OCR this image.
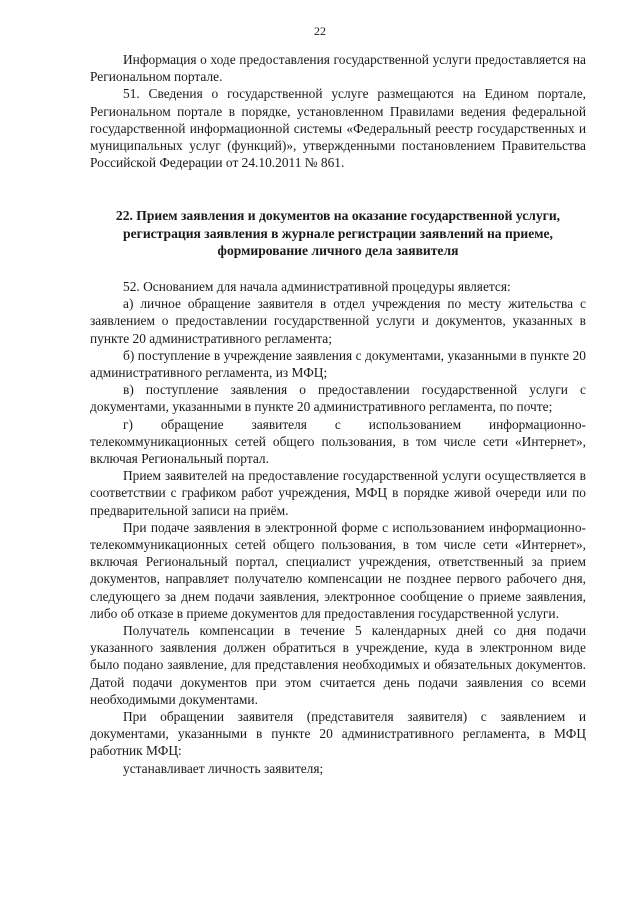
22

Информация о ходе предоставления государственной услуги предоставляется на Региональном портале.

51. Сведения о государственной услуге размещаются на Едином портале, Региональном портале в порядке, установленном Правилами ведения федеральной государственной информационной системы «Федеральный реестр государственных и муниципальных услуг (функций)», утвержденными постановлением Правительства Российской Федерации от 24.10.2011 № 861.

22. Прием заявления и документов на оказание государственной услуги,
регистрация заявления в журнале регистрации заявлений на приеме,
формирование личного дела заявителя

52. Основанием для начала административной процедуры является:

а) личное обращение заявителя в отдел учреждения по месту жительства с заявлением о предоставлении государственной услуги и документов, указанных в пункте 20 административного регламента;

б) поступление в учреждение заявления с документами, указанными в пункте 20 административного регламента, из МФЦ;

в) поступление заявления о предоставлении государственной услуги с документами, указанными в пункте 20 административного регламента, по почте;

г) обращение заявителя с использованием информационно-телекоммуникационных сетей общего пользования, в том числе сети «Интернет», включая Региональный портал.

Прием заявителей на предоставление государственной услуги осуществляется в соответствии с графиком работ учреждения, МФЦ в порядке живой очереди или по предварительной записи на приём.

При подаче заявления в электронной форме с использованием информационно-телекоммуникационных сетей общего пользования, в том числе сети «Интернет», включая Региональный портал, специалист учреждения, ответственный за прием документов, направляет получателю компенсации не позднее первого рабочего дня, следующего за днем подачи заявления, электронное сообщение о приеме заявления, либо об отказе в приеме документов для предоставления государственной услуги.

Получатель компенсации в течение 5 календарных дней со дня подачи указанного заявления должен обратиться в учреждение, куда в электронном виде было подано заявление, для представления необходимых и обязательных документов. Датой подачи документов при этом считается день подачи заявления со всеми необходимыми документами.

При обращении заявителя (представителя заявителя) с заявлением и документами, указанными в пункте 20 административного регламента, в МФЦ работник МФЦ:

устанавливает личность заявителя;
